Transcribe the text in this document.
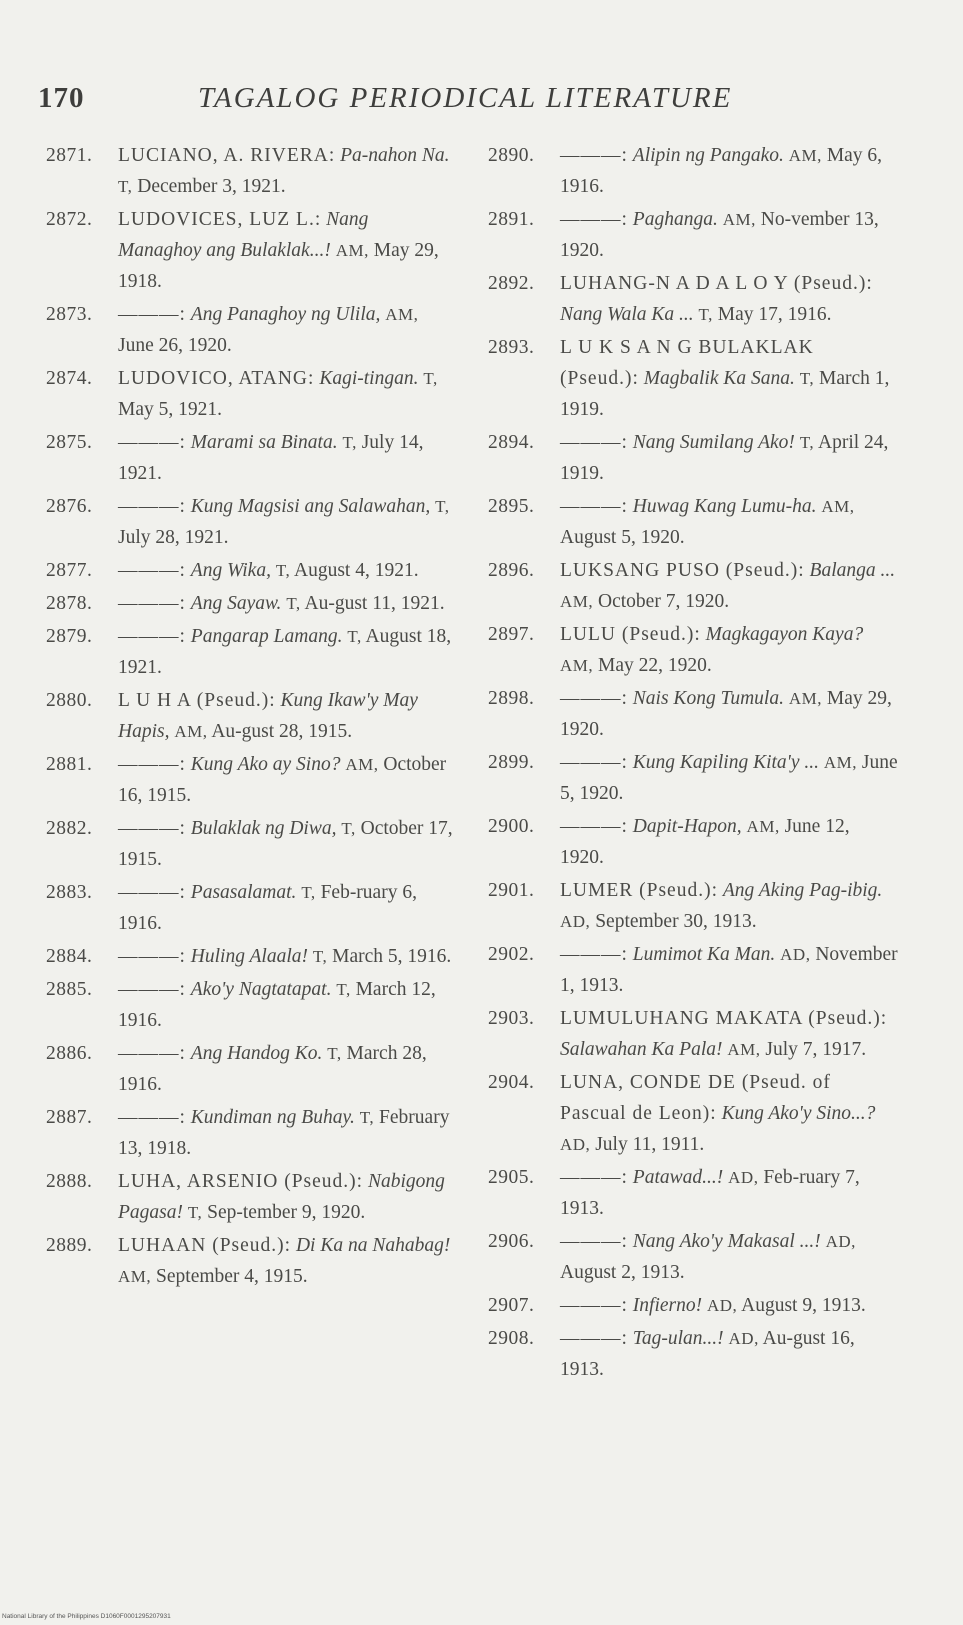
170	TAGALOG PERIODICAL LITERATURE
2871.	LUCIANO, A. RIVERA: Pa-nahon Na. T, December 3, 1921.
2872.	LUDOVICES, LUZ L.: Nang Managhoy ang Bulaklak...! AM, May 29, 1918.
2873.	———: Ang Panaghoy ng Ulila, AM, June 26, 1920.
2874.	LUDOVICO, ATANG: Kagi-tingan. T, May 5, 1921.
2875.	———: Marami sa Binata. T, July 14, 1921.
2876.	———: Kung Magsisi ang Salawahan, T, July 28, 1921.
2877.	———: Ang Wika, T, August 4, 1921.
2878.	———: Ang Sayaw. T, Au-gust 11, 1921.
2879.	———: Pangarap Lamang. T, August 18, 1921.
2880.	L U H A (Pseud.): Kung Ikaw'y May Hapis, AM, Au-gust 28, 1915.
2881.	———: Kung Ako ay Sino? AM, October 16, 1915.
2882.	———: Bulaklak ng Diwa, T, October 17, 1915.
2883.	———: Pasasalamat. T, Feb-ruary 6, 1916.
2884.	———: Huling Alaala! T, March 5, 1916.
2885.	———: Ako'y Nagtatapat. T, March 12, 1916.
2886.	———: Ang Handog Ko. T, March 28, 1916.
2887.	———: Kundiman ng Buhay. T, February 13, 1918.
2888.	LUHA, ARSENIO (Pseud.): Nabigong Pagasa! T, Sep-tember 9, 1920.
2889.	LUHAAN (Pseud.): Di Ka na Nahabag! AM, September 4, 1915.
2890.	———: Alipin ng Pangako. AM, May 6, 1916.
2891.	———: Paghanga. AM, No-vember 13, 1920.
2892.	LUHANG-N A D A L O Y (Pseud.): Nang Wala Ka ... T, May 17, 1916.
2893.	L U K S A N G BULAKLAK (Pseud.): Magbalik Ka Sana. T, March 1, 1919.
2894.	———: Nang Sumilang Ako! T, April 24, 1919.
2895.	———: Huwag Kang Lumu-ha. AM, August 5, 1920.
2896.	LUKSANG PUSO (Pseud.): Balanga ... AM, October 7, 1920.
2897.	LULU (Pseud.): Magkagayon Kaya? AM, May 22, 1920.
2898.	———: Nais Kong Tumula. AM, May 29, 1920.
2899.	———: Kung Kapiling Kita'y ... AM, June 5, 1920.
2900.	———: Dapit-Hapon, AM, June 12, 1920.
2901.	LUMER (Pseud.): Ang Aking Pag-ibig. AD, September 30, 1913.
2902.	———: Lumimot Ka Man. AD, November 1, 1913.
2903.	LUMULUHANG MAKATA (Pseud.): Salawahan Ka Pala! AM, July 7, 1917.
2904.	LUNA, CONDE DE (Pseud. of Pascual de Leon): Kung Ako'y Sino...? AD, July 11, 1911.
2905.	———: Patawad...! AD, Feb-ruary 7, 1913.
2906.	———: Nang Ako'y Makasal ...! AD, August 2, 1913.
2907.	———: Infierno! AD, August 9, 1913.
2908.	———: Tag-ulan...! AD, Au-gust 16, 1913.
National Library of the Philippines D1060F0001295207931
